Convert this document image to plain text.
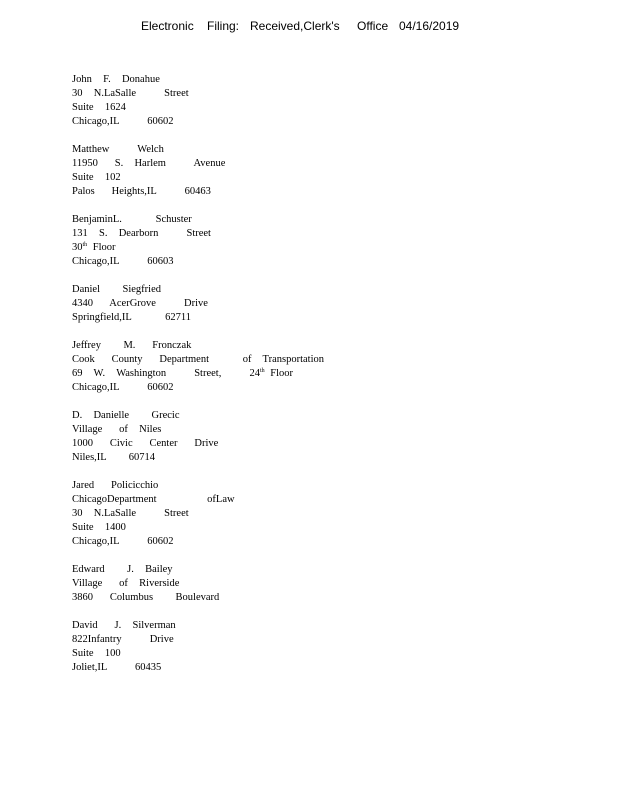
Electronic Filing: Received,Clerk's Office 04/16/2019
John  F.  Donahue
30  N.LaSalle     Street
Suite  1624
Chicago,IL     60602
Matthew     Welch
11950   S.  Harlem     Avenue
Suite  102
Palos   Heights,IL     60463
BenjaminL.      Schuster
131  S.  Dearborn     Street
30th Floor
Chicago,IL     60603
Daniel    Siegfried
4340   AcerGrove     Drive
Springfield,IL      62711
Jeffrey    M.   Fronczak
Cook   County   Department      of  Transportation
69  W.  Washington     Street,     24th Floor
Chicago,IL     60602
D.  Danielle    Grecic
Village   of  Niles
1000   Civic   Center   Drive
Niles,IL    60714
Jared   Policicchio
ChicagoDepartment         ofLaw
30  N.LaSalle     Street
Suite  1400
Chicago,IL     60602
Edward    J.  Bailey
Village   of  Riverside
3860   Columbus    Boulevard
David   J.  Silverman
822Infantry     Drive
Suite  100
Joliet,IL     60435
